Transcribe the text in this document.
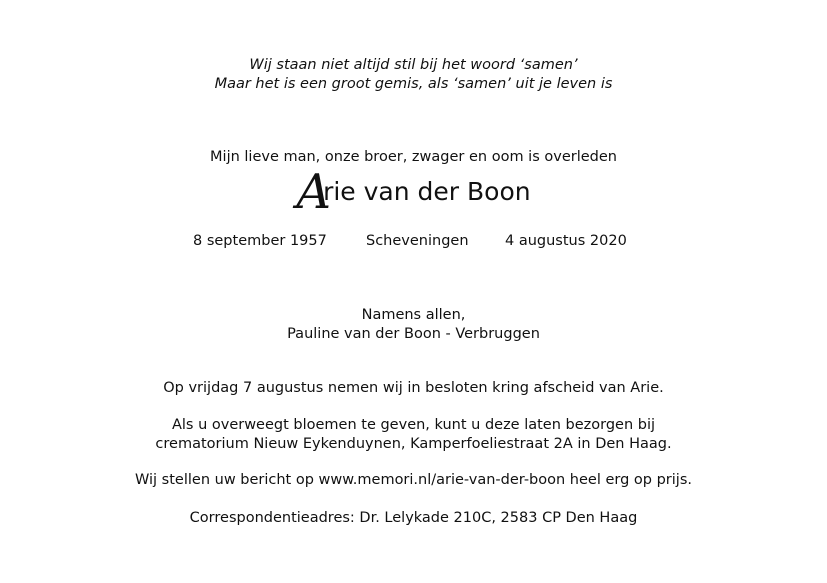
Wij staan niet altijd stil bij het woord ‘samen’
Maar het is een groot gemis, als ‘samen’ uit je leven is
Mijn lieve man, onze broer, zwager en oom is overleden
A rie van der Boon
8 september 1957	Scheveningen	4 augustus 2020
Namens allen,
Pauline van der Boon - Verbruggen
Op vrijdag 7 augustus nemen wij in besloten kring afscheid van Arie.
Als u overweegt bloemen te geven, kunt u deze laten bezorgen bij
crematorium Nieuw Eykenduynen, Kamperfoeliestraat 2A in Den Haag.
Wij stellen uw bericht op www.memori.nl/arie-van-der-boon heel erg op prijs.
Correspondentieadres: Dr. Lelykade 210C, 2583 CP Den Haag
